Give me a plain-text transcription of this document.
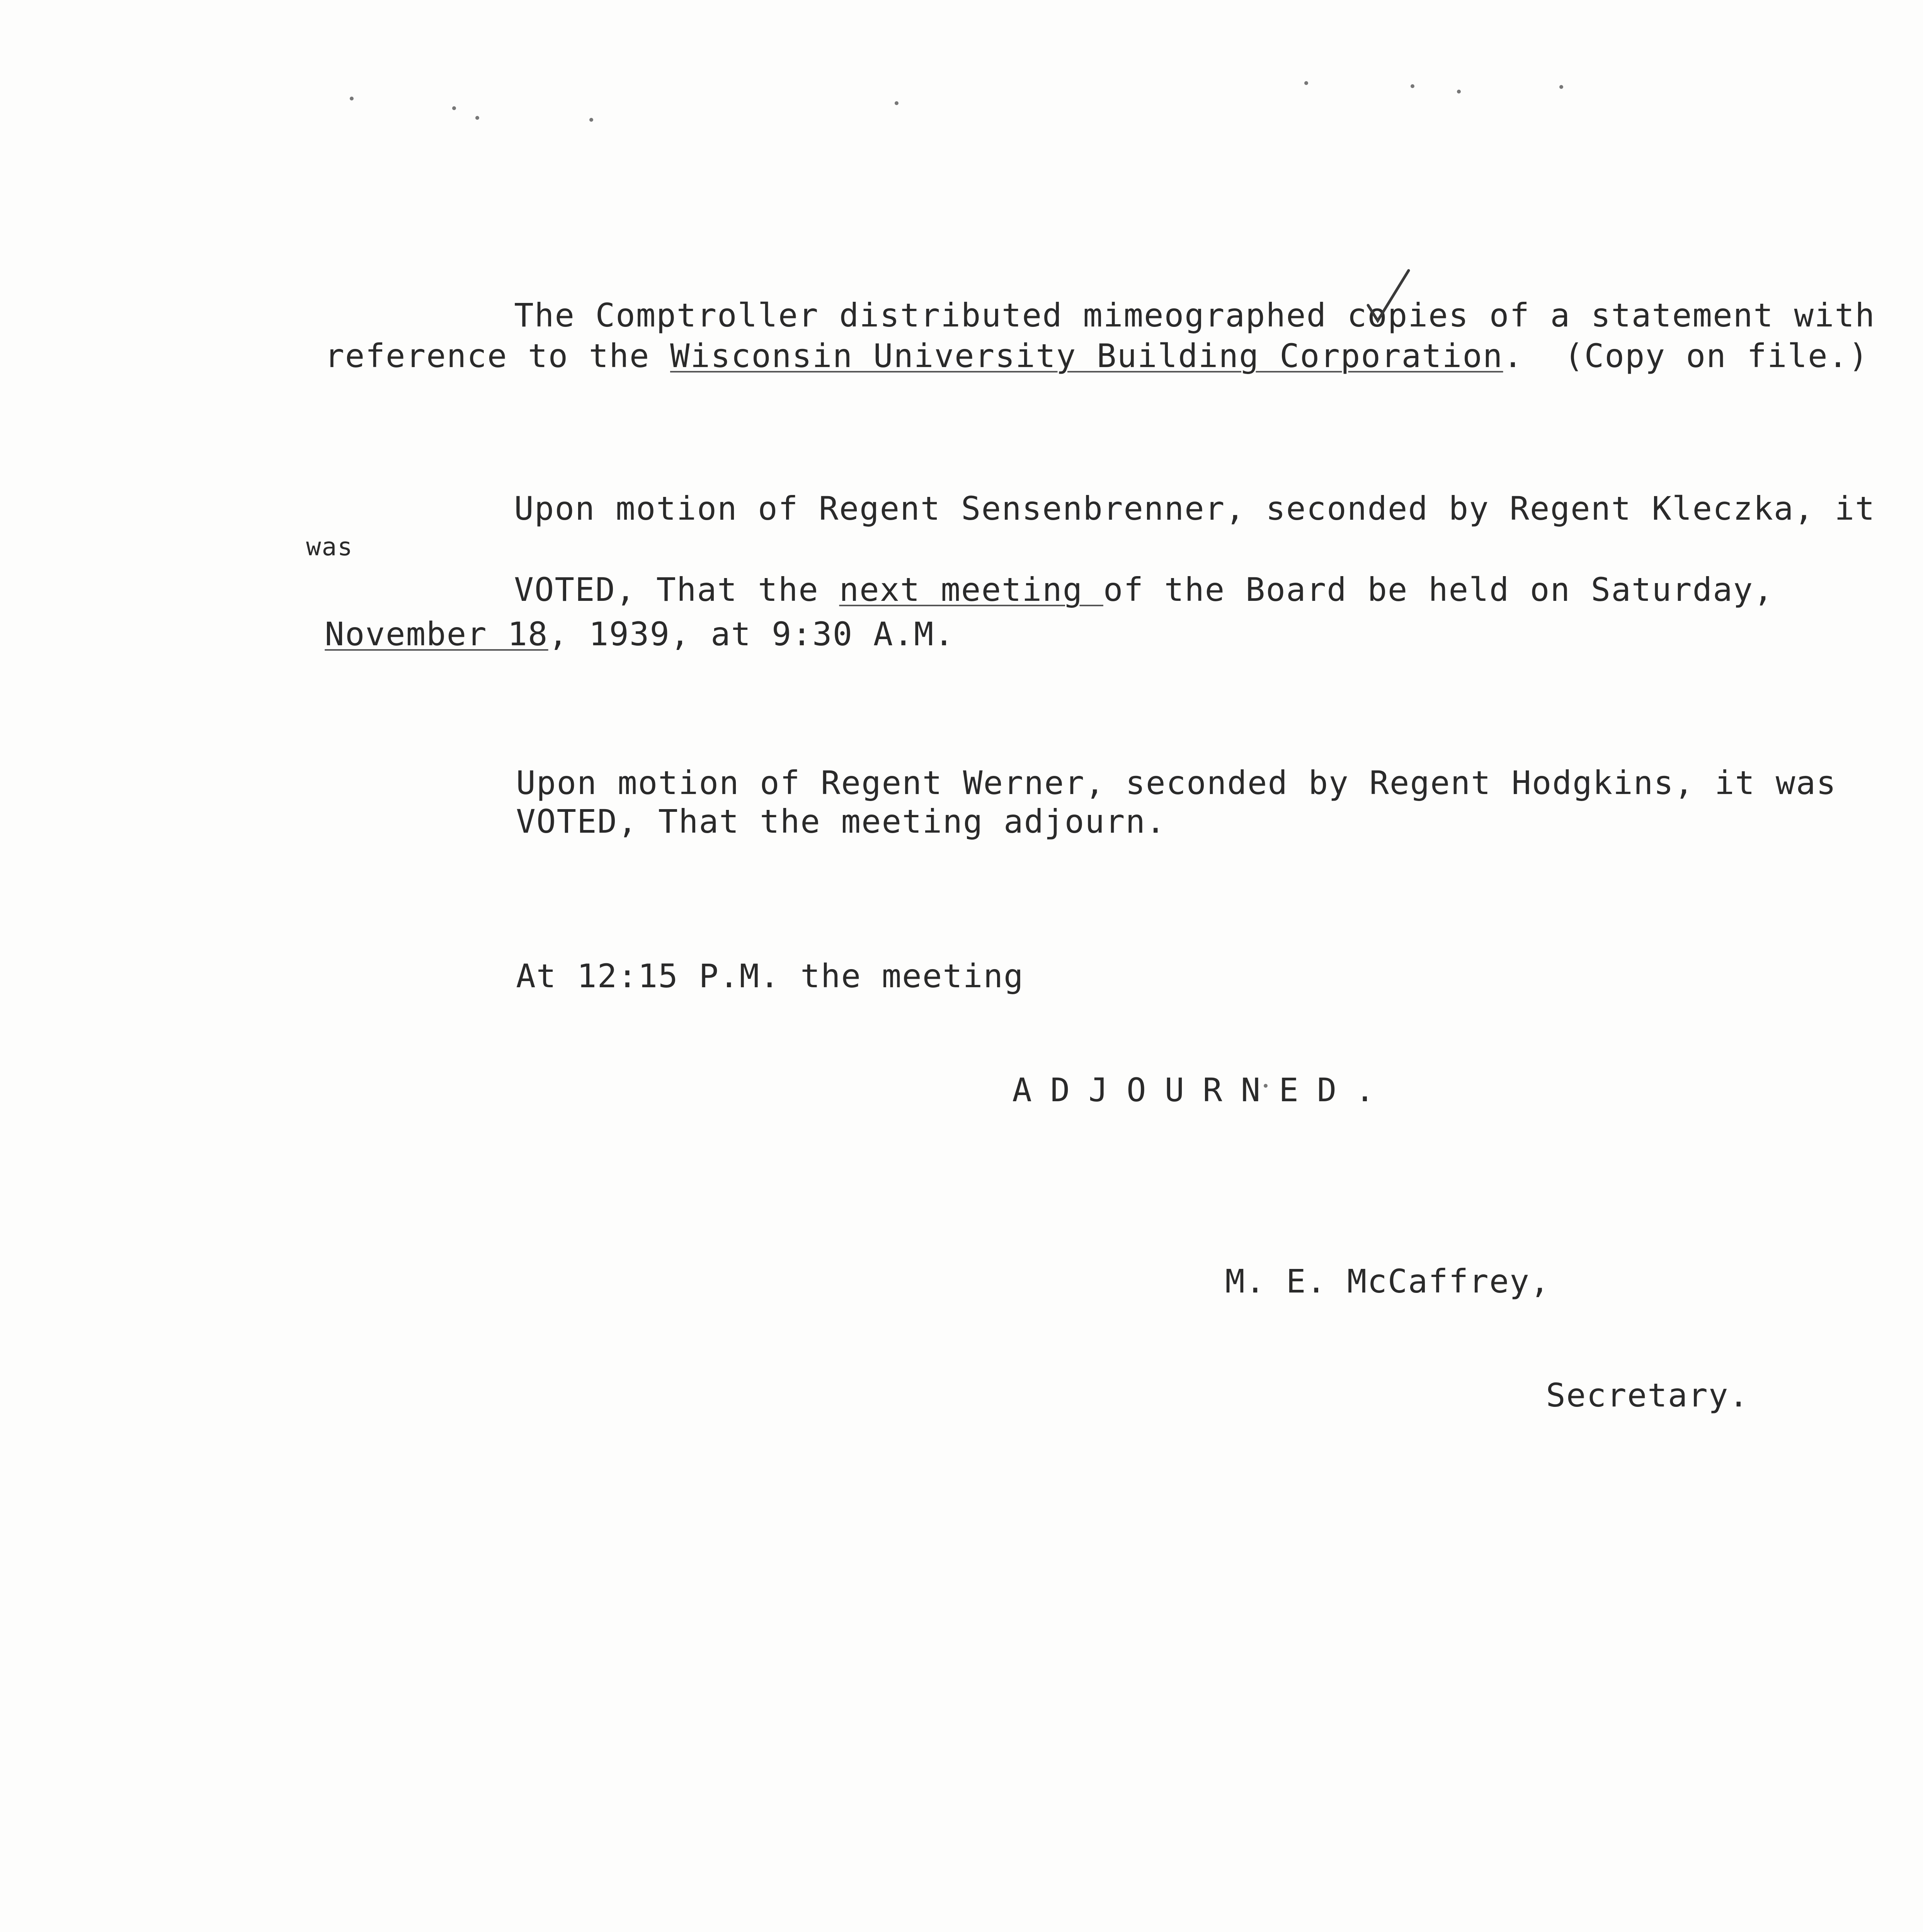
The Comptroller distributed mimeographed copies of a statement with

reference to the Wisconsin University Building Corporation.  (Copy on file.)

Upon motion of Regent Sensenbrenner, seconded by Regent Kleczka, it

was

VOTED, That the next meeting of the Board be held on Saturday,

November 18, 1939, at 9:30 A.M.

Upon motion of Regent Werner, seconded by Regent Hodgkins, it was

VOTED, That the meeting adjourn.

At 12:15 P.M. the meeting

ADJOURNED.

M. E. McCaffrey,

Secretary.
